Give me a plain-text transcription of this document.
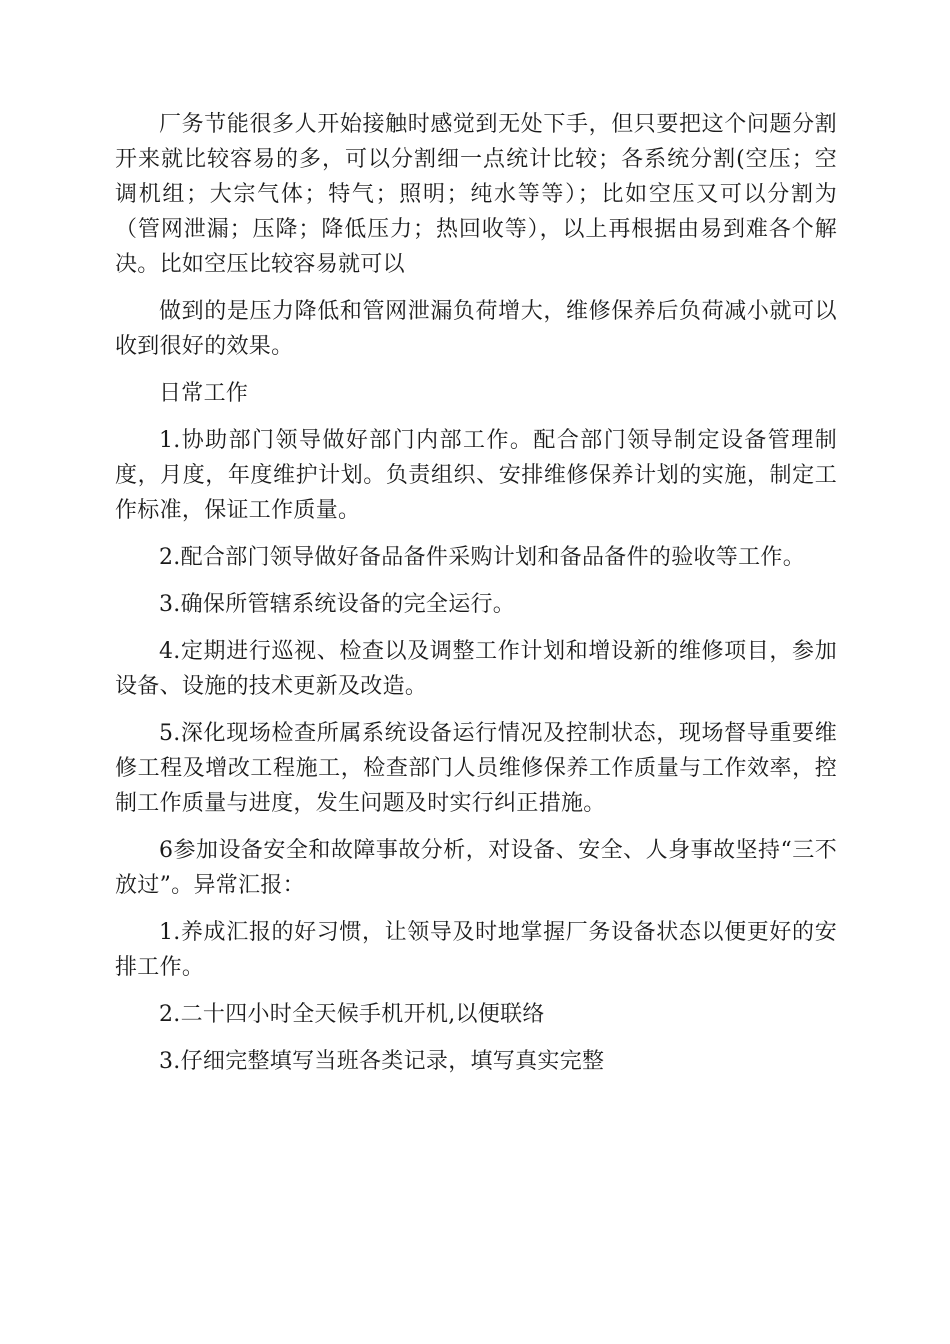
厂务节能很多人开始接触时感觉到无处下手，但只要把这个问题分割开来就比较容易的多，可以分割细一点统计比较；各系统分割(空压；空调机组；大宗气体；特气；照明；纯水等等）；比如空压又可以分割为（管网泄漏；压降；降低压力；热回收等），以上再根据由易到难各个解决。比如空压比较容易就可以

做到的是压力降低和管网泄漏负荷增大，维修保养后负荷减小就可以收到很好的效果。

日常工作

1.协助部门领导做好部门内部工作。配合部门领导制定设备管理制度，月度，年度维护计划。负责组织、安排维修保养计划的实施，制定工作标准，保证工作质量。

2.配合部门领导做好备品备件采购计划和备品备件的验收等工作。

3.确保所管辖系统设备的完全运行。

4.定期进行巡视、检查以及调整工作计划和增设新的维修项目，参加设备、设施的技术更新及改造。

5.深化现场检查所属系统设备运行情况及控制状态，现场督导重要维修工程及增改工程施工，检查部门人员维修保养工作质量与工作效率，控制工作质量与进度，发生问题及时实行纠正措施。

6参加设备安全和故障事故分析，对设备、安全、人身事故坚持“三不放过”。异常汇报：

1.养成汇报的好习惯，让领导及时地掌握厂务设备状态以便更好的安排工作。

2.二十四小时全天候手机开机,以便联络

3.仔细完整填写当班各类记录，填写真实完整
